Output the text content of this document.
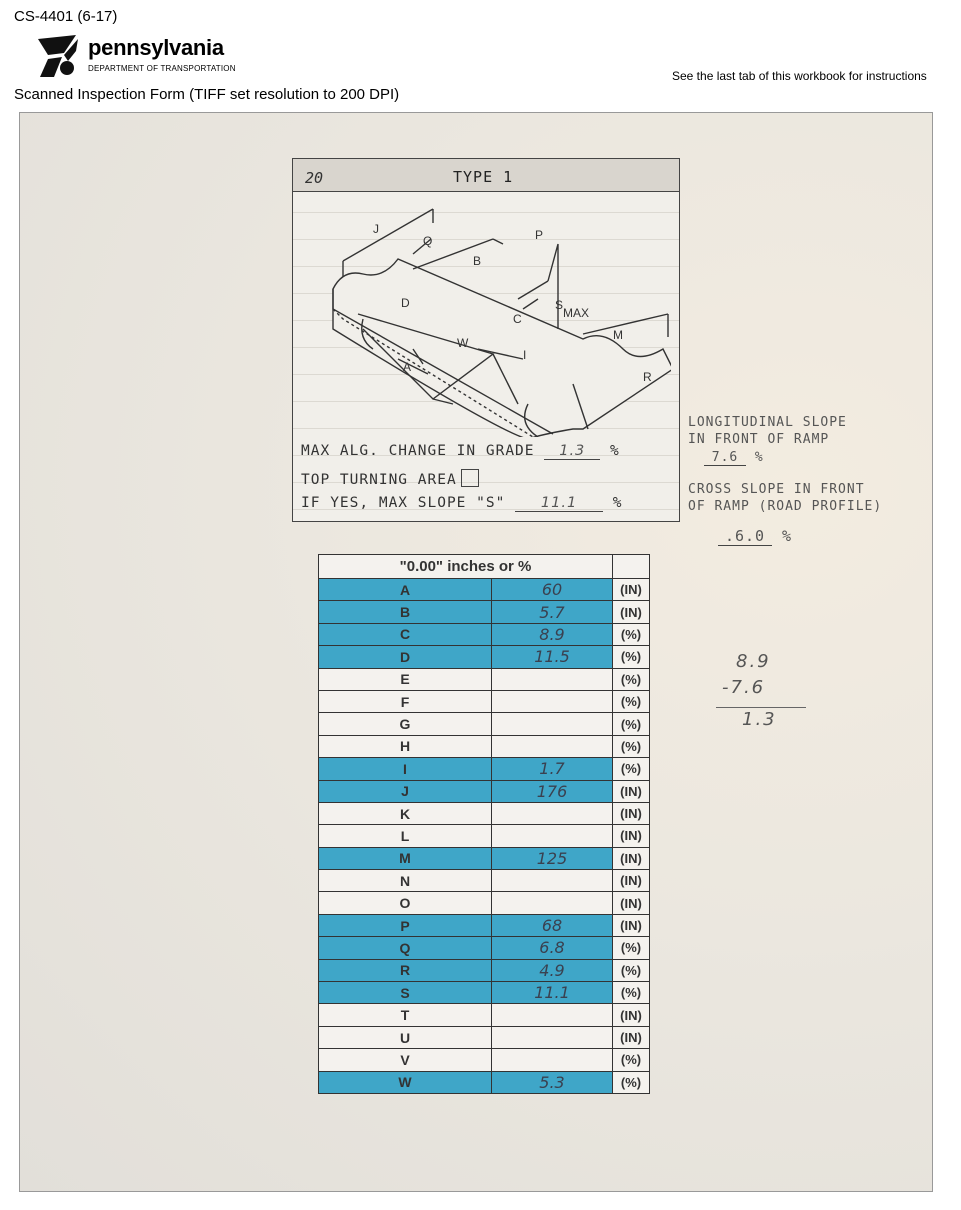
CS-4401 (6-17)
pennsylvania
DEPARTMENT OF TRANSPORTATION
See the last tab of this workbook for instructions
Scanned Inspection Form (TIFF set resolution to 200 DPI)
20	TYPE 1
J
Q
B
P
S
MAX
D
C
W
M
I
A
R
MAX ALG. CHANGE IN GRADE 1.3 %
TOP TURNING AREA
IF YES, MAX SLOPE "S" 11.1 %
LONGITUDINAL SLOPE
IN FRONT OF RAMP
7.6 %
CROSS SLOPE IN FRONT
OF RAMP (ROAD PROFILE)
.6.0 %
"0.00" inches or %		
A	60	(IN)
B	5.7	(IN)
C	8.9	(%)
D	11.5	(%)
E		(%)
F		(%)
G		(%)
H		(%)
I	1.7	(%)
J	176	(IN)
K		(IN)
L		(IN)
M	125	(IN)
N		(IN)
O		(IN)
P	68	(IN)
Q	6.8	(%)
R	4.9	(%)
S	11.1	(%)
T		(IN)
U		(IN)
V		(%)
W	5.3	(%)
8.9
-7.6
1.3
